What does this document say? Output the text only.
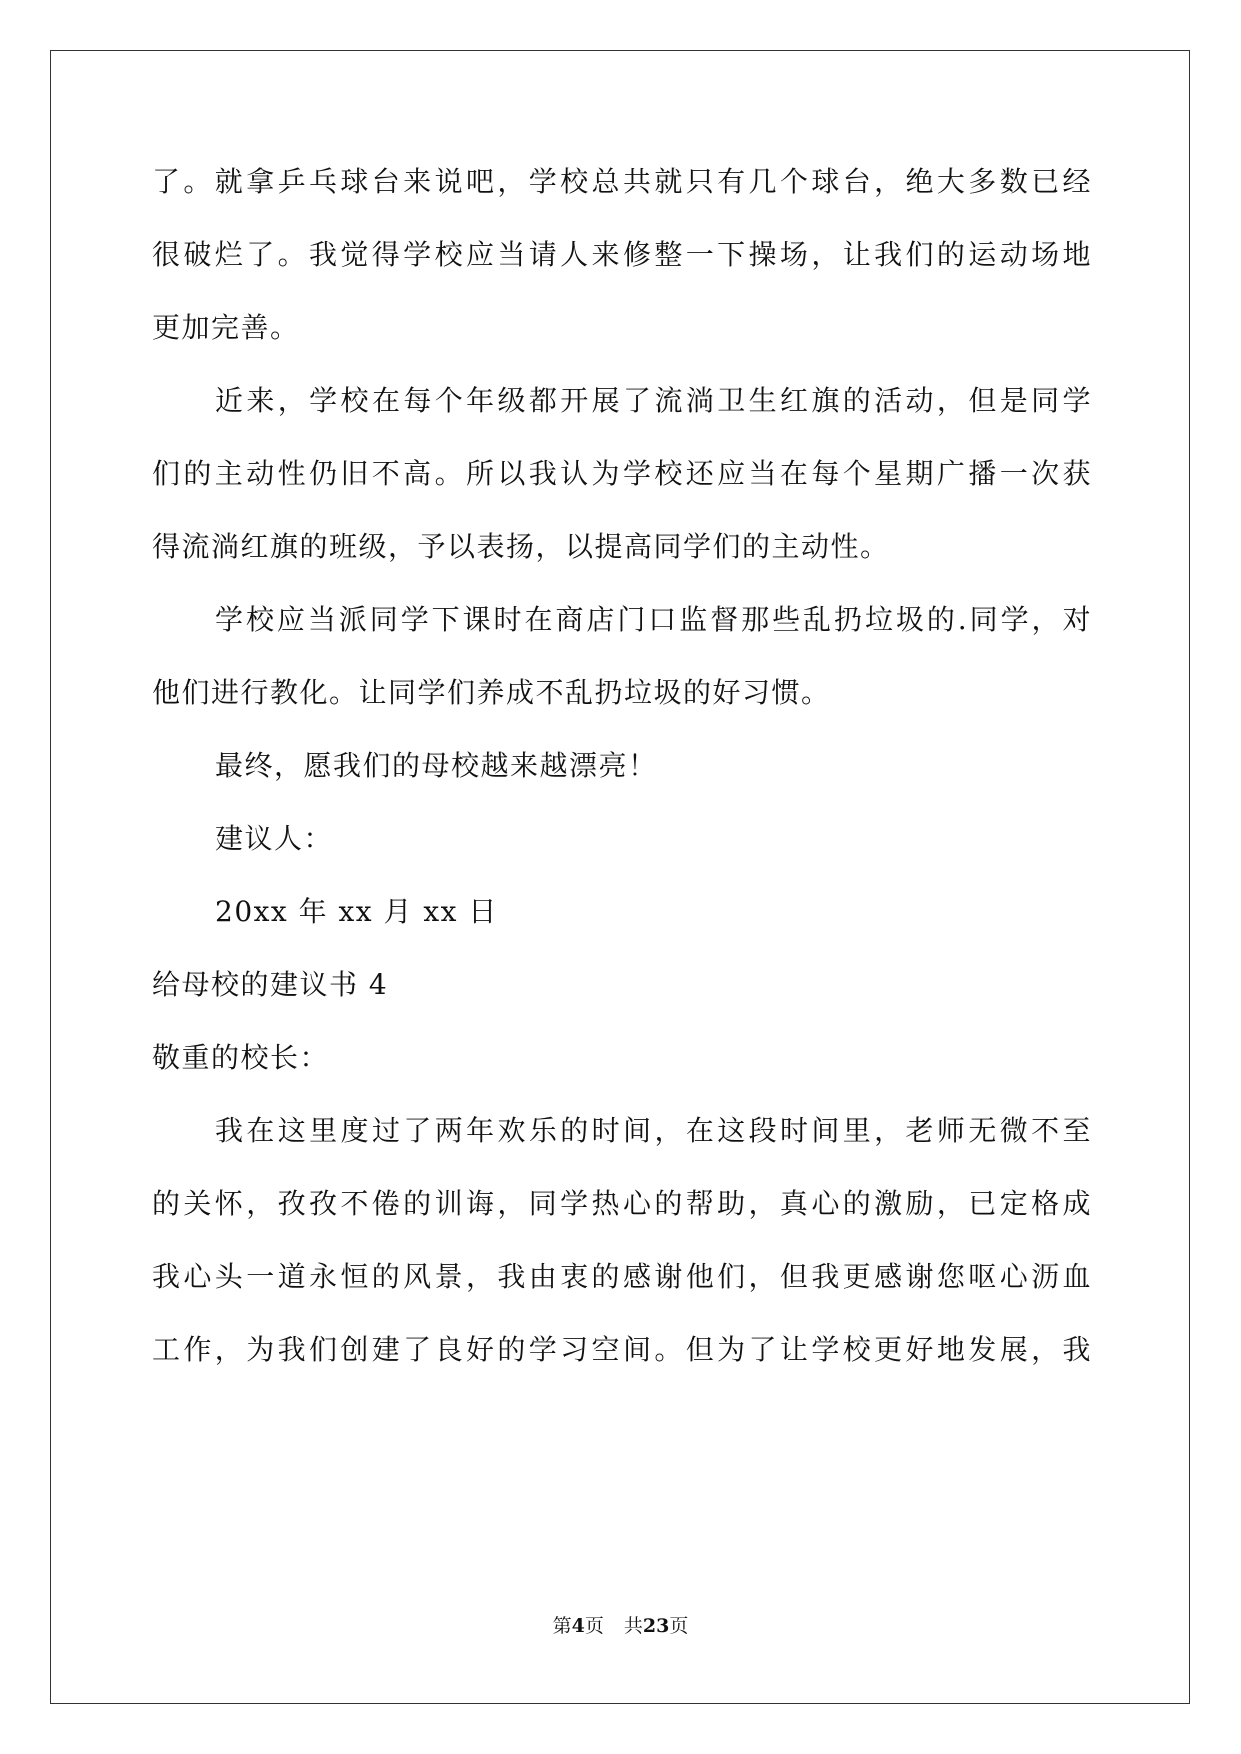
了。就拿乒乓球台来说吧，学校总共就只有几个球台，绝大多数已经
很破烂了。我觉得学校应当请人来修整一下操场，让我们的运动场地
更加完善。
近来，学校在每个年级都开展了流淌卫生红旗的活动，但是同学
们的主动性仍旧不高。所以我认为学校还应当在每个星期广播一次获
得流淌红旗的班级，予以表扬，以提高同学们的主动性。
学校应当派同学下课时在商店门口监督那些乱扔垃圾的.同学，对
他们进行教化。让同学们养成不乱扔垃圾的好习惯。
最终，愿我们的母校越来越漂亮！
建议人：
20xx 年 xx 月 xx 日
给母校的建议书 4
敬重的校长：
我在这里度过了两年欢乐的时间，在这段时间里，老师无微不至
的关怀，孜孜不倦的训诲，同学热心的帮助，真心的激励，已定格成
我心头一道永恒的风景，我由衷的感谢他们，但我更感谢您呕心沥血
工作，为我们创建了良好的学习空间。但为了让学校更好地发展，我
第4页 共23页
